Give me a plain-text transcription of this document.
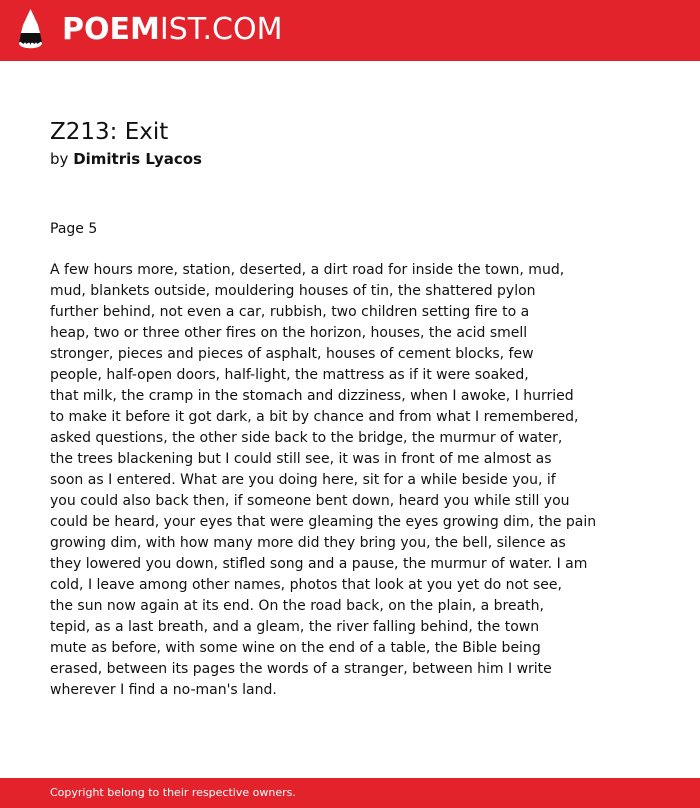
POEMIST.COM
Z213: Exit
by Dimitris Lyacos
Page 5
A few hours more, station, deserted, a dirt road for inside the town, mud,
mud, blankets outside, mouldering houses of tin, the shattered pylon
further behind, not even a car, rubbish, two children setting fire to a
heap, two or three other fires on the horizon, houses, the acid smell
stronger, pieces and pieces of asphalt, houses of cement blocks, few
people, half-open doors, half-light, the mattress as if it were soaked,
that milk, the cramp in the stomach and dizziness, when I awoke, I hurried
to make it before it got dark, a bit by chance and from what I remembered,
asked questions, the other side back to the bridge, the murmur of water,
the trees blackening but I could still see, it was in front of me almost as
soon as I entered. What are you doing here, sit for a while beside you, if
you could also back then, if someone bent down, heard you while still you
could be heard, your eyes that were gleaming the eyes growing dim, the pain
growing dim, with how many more did they bring you, the bell, silence as
they lowered you down, stifled song and a pause, the murmur of water. I am
cold, I leave among other names, photos that look at you yet do not see,
the sun now again at its end. On the road back, on the plain, a breath,
tepid, as a last breath, and a gleam, the river falling behind, the town
mute as before, with some wine on the end of a table, the Bible being
erased, between its pages the words of a stranger, between him I write
wherever I find a no-man's land.
Copyright belong to their respective owners.
